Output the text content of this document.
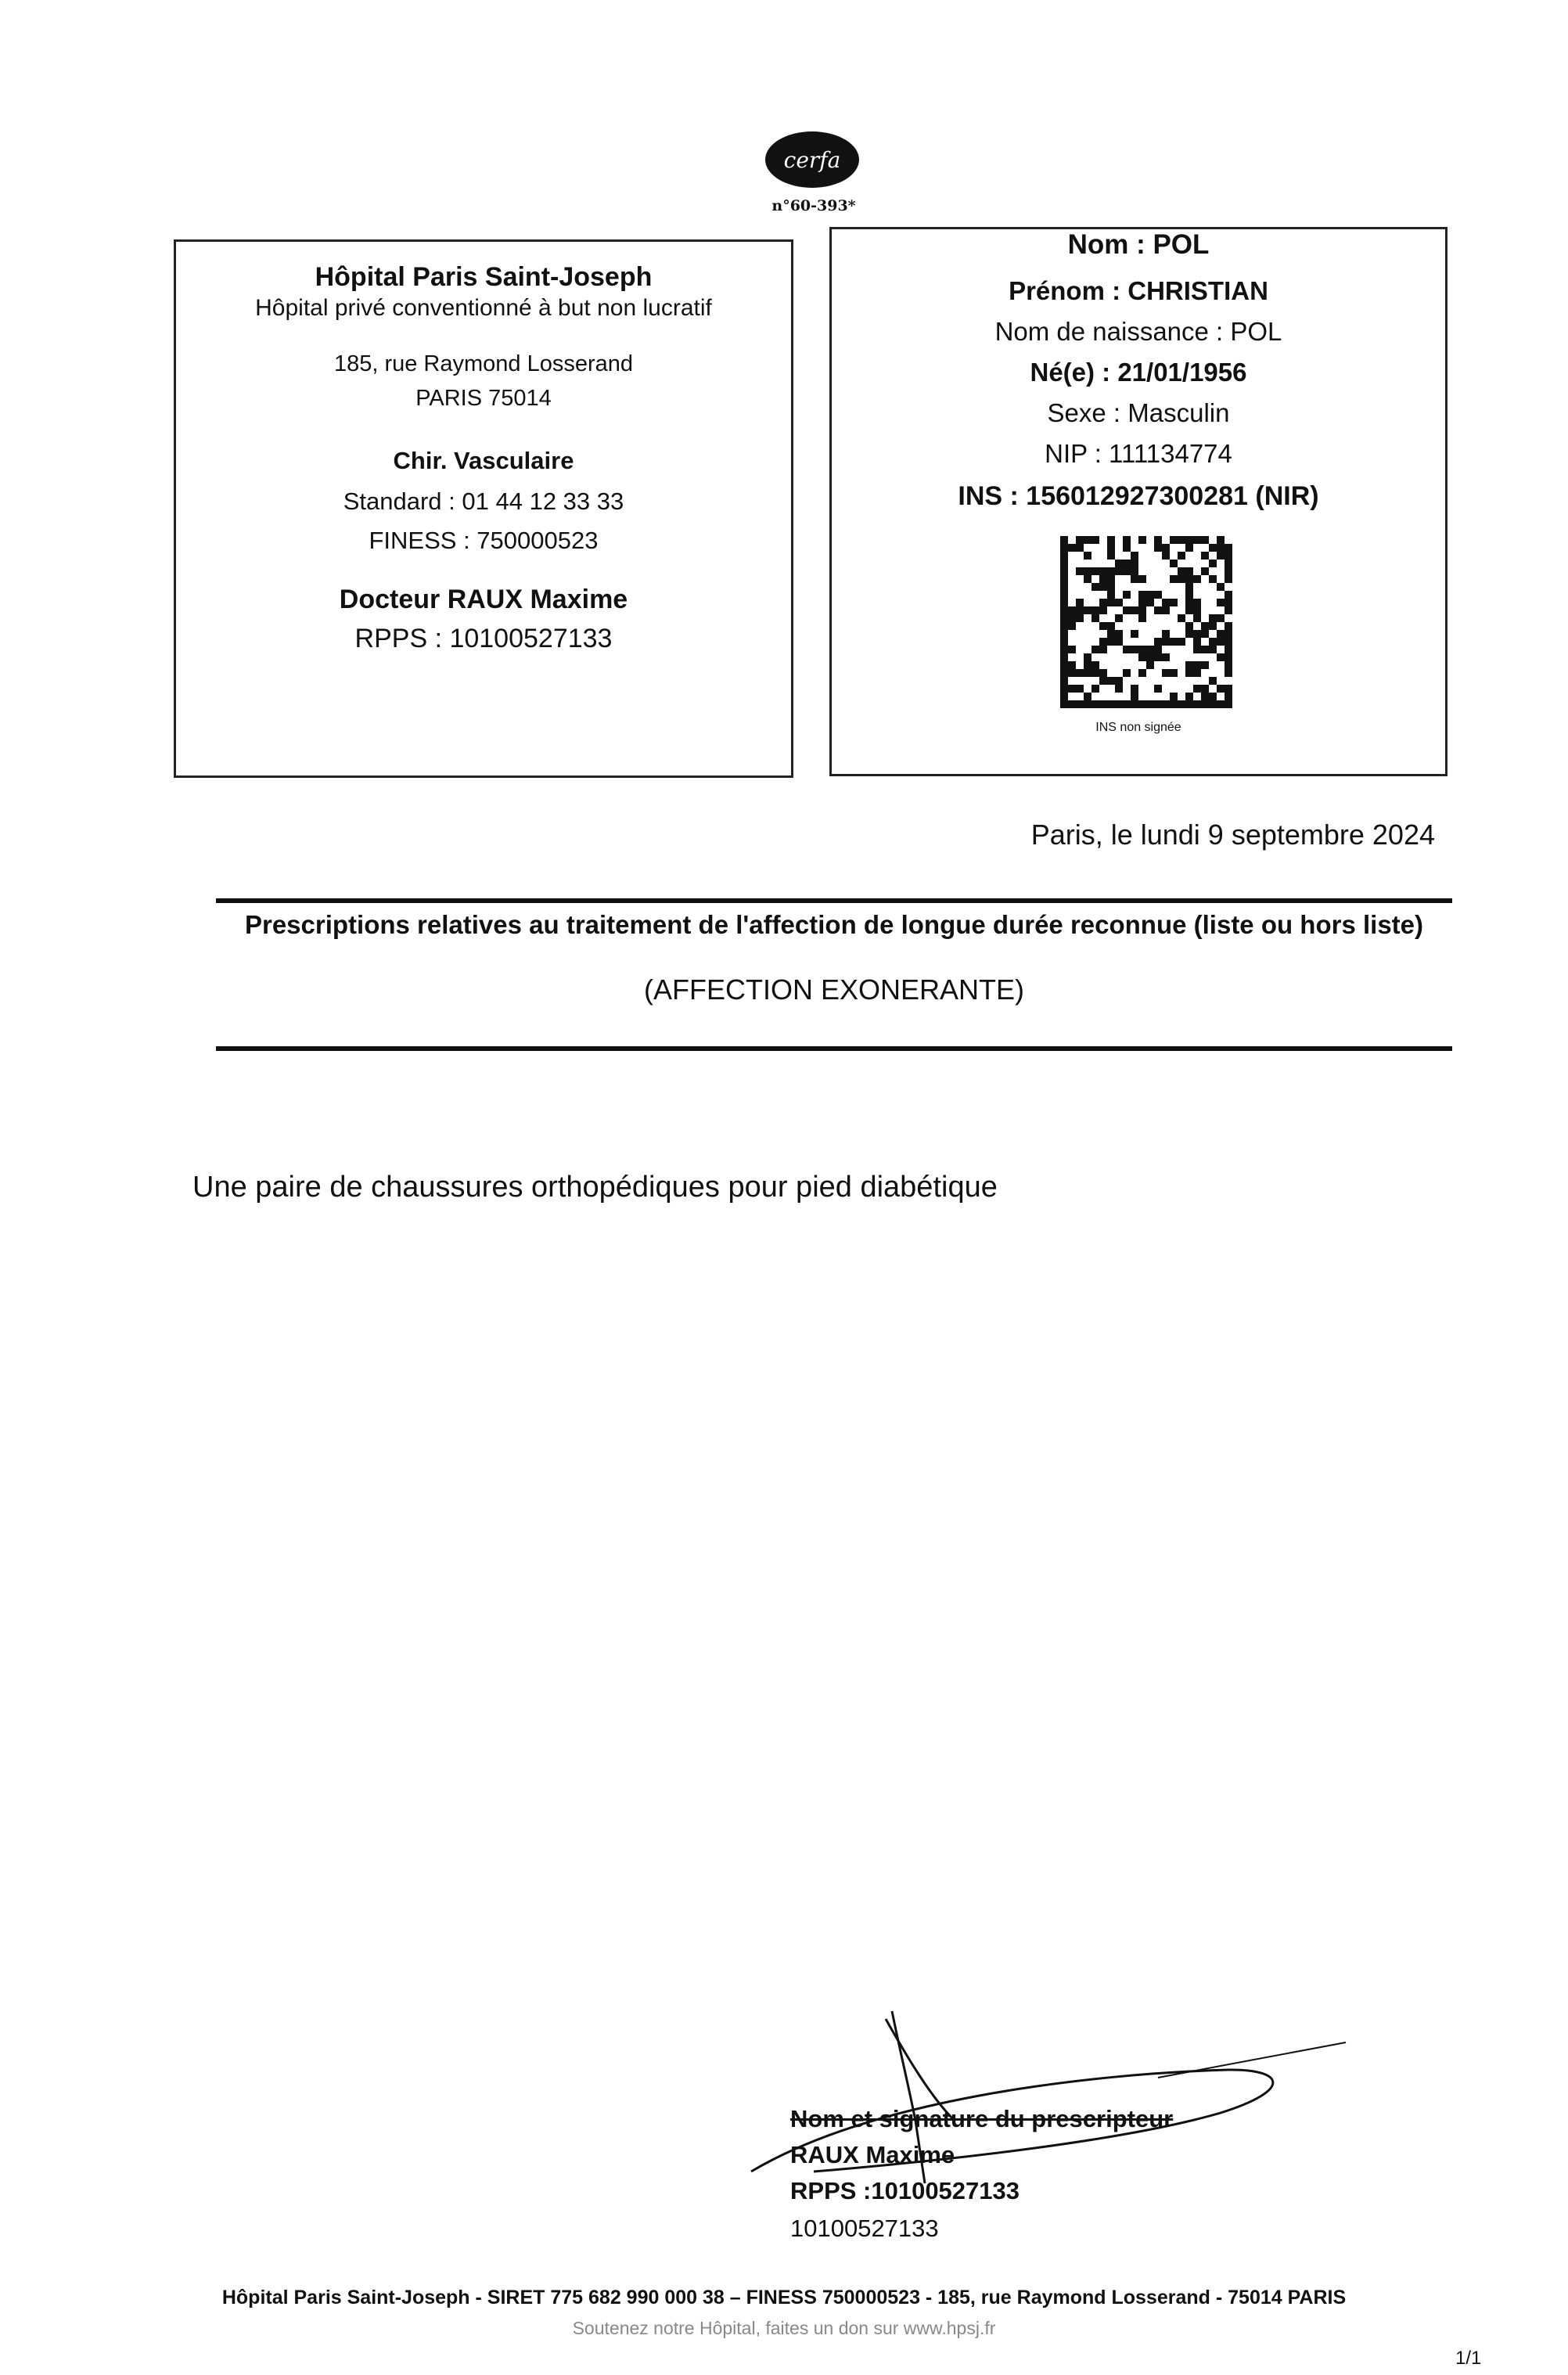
cerfa
n°60-393*
Hôpital Paris Saint-Joseph
Hôpital privé conventionné à but non lucratif
185, rue Raymond Losserand
PARIS 75014
Chir. Vasculaire
Standard : 01 44 12 33 33
FINESS : 750000523
Docteur RAUX Maxime
RPPS : 10100527133
Nom : POL
Prénom : CHRISTIAN
Nom de naissance : POL
Né(e) : 21/01/1956
Sexe : Masculin
NIP : 111134774
INS : 156012927300281 (NIR)
INS non signée
Paris, le lundi 9 septembre 2024
Prescriptions relatives au traitement de l'affection de longue durée reconnue (liste ou hors liste)
(AFFECTION EXONERANTE)
Une paire de chaussures orthopédiques pour pied diabétique
Nom et signature du prescripteur
RAUX Maxime
RPPS :10100527133
10100527133
Hôpital Paris Saint-Joseph - SIRET 775 682 990 000 38 – FINESS 750000523 - 185, rue Raymond Losserand - 75014 PARIS
Soutenez notre Hôpital, faites un don sur www.hpsj.fr
1/1
